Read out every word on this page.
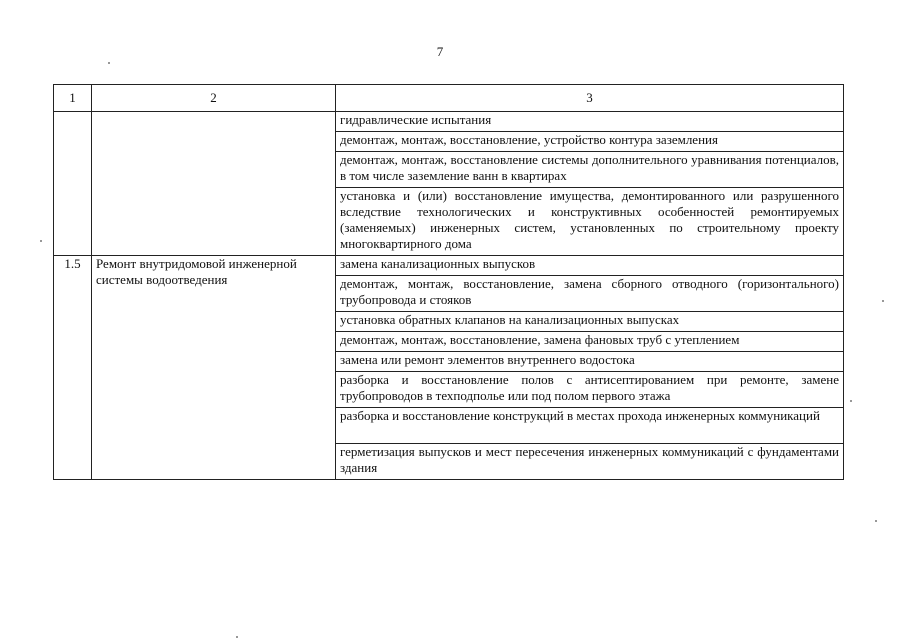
7
1	2	3
		гидравлические испытания
		демонтаж, монтаж, восстановление, устройство контура заземления
		демонтаж, монтаж, восстановление системы дополнительного уравнивания потенциалов, в том числе заземление ванн в квартирах
		установка и (или) восстановление имущества, демонтированного или разрушенного вследствие технологических и конструктивных особенностей ремонтируемых (заменяемых) инженерных систем, установленных по строительному проекту многоквартирного дома
1.5	Ремонт внутридомовой инженерной системы водоотведения	замена канализационных выпусков
		демонтаж, монтаж, восстановление, замена сборного отводного (горизонтального) трубопровода и стояков
		установка обратных клапанов на канализационных выпусках
		демонтаж, монтаж, восстановление, замена фановых труб с утеплением
		замена или ремонт элементов внутреннего водостока
		разборка и восстановление полов с антисептированием при ремонте, замене трубопроводов в техподполье или под полом первого этажа
		разборка и восстановление конструкций в местах прохода инженерных коммуникаций
		герметизация выпусков и мест пересечения инженерных коммуникаций с фундаментами здания
